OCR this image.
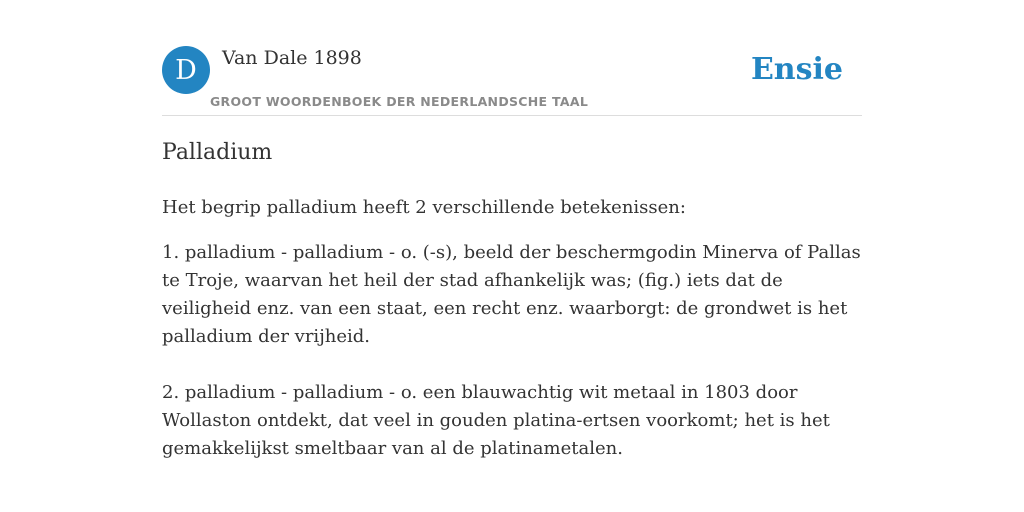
D	Van Dale 1898
GROOT WOORDENBOEK DER NEDERLANDSCHE TAAL
Ensie
Palladium

Het begrip palladium heeft 2 verschillende betekenissen:

1. palladium - palladium - o. (-s), beeld der beschermgodin Minerva of Pallas te Troje, waarvan het heil der stad afhankelijk was; (fig.) iets dat de veiligheid enz. van een staat, een recht enz. waarborgt: de grondwet is het palladium der vrijheid.

2. palladium - palladium - o. een blauwachtig wit metaal in 1803 door Wollaston ontdekt, dat veel in gouden platina-ertsen voorkomt; het is het gemakkelijkst smeltbaar van al de platinametalen.
